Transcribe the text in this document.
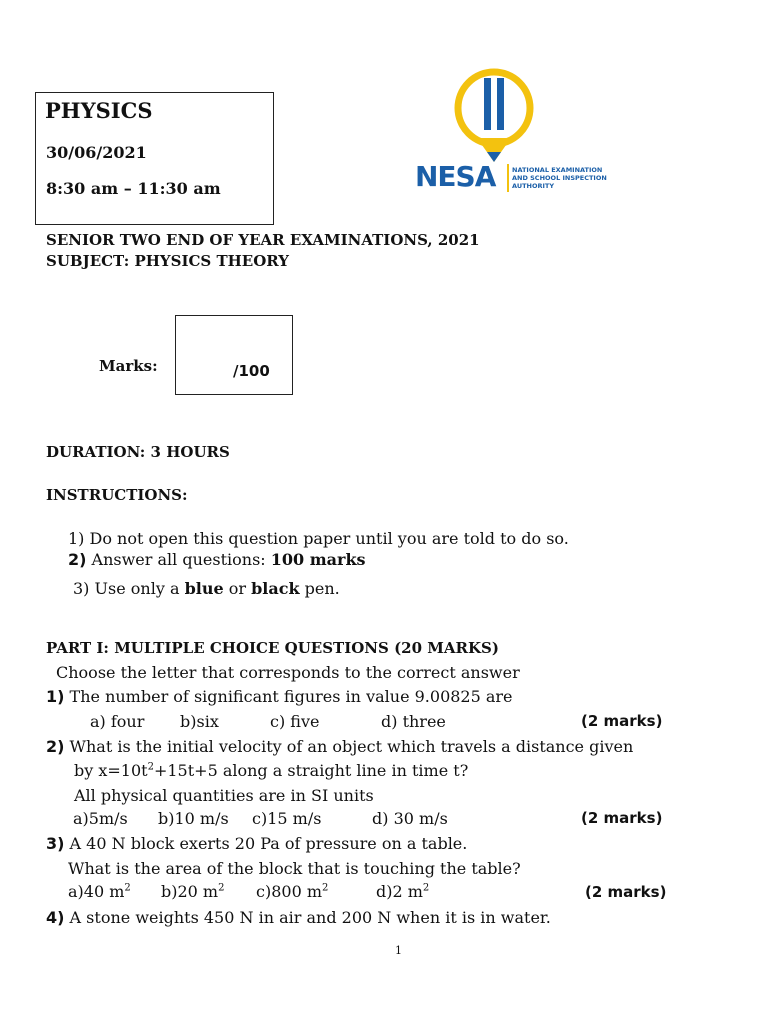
PHYSICS
30/06/2021
8:30 am – 11:30 am	NESA	NATIONAL EXAMINATION
AND SCHOOL INSPECTION
AUTHORITY
SENIOR TWO END OF YEAR EXAMINATIONS, 2021
SUBJECT: PHYSICS THEORY
Marks:	/100
DURATION: 3 HOURS
INSTRUCTIONS:
1) Do not open this question paper until you are told to do so.
2) Answer all questions: 100 marks
3) Use only a blue or black pen.
PART I: MULTIPLE CHOICE QUESTIONS (20 MARKS)
Choose the letter that corresponds to the correct answer
1) The number of significant figures in value 9.00825 are
a) four b)six	c) five	d) three	(2 marks)
2) What is the initial velocity of an object which travels a distance given
by $x=10t^2+15t+5$ along a straight line in time t?
All physical quantities are in SI units
a)5m/s b)10 m/s c)15 m/s	d) 30 m/s	(2 marks)
3) A 40 N block exerts 20 Pa of pressure on a table.
What is the area of the block that is touching the table?
a)40 $m^2$ b)20 $m^2$ c)800 $m^2$	d)2 $m^2$	(2 marks)
4) A stone weights 450 N in air and 200 N when it is in water.
1
